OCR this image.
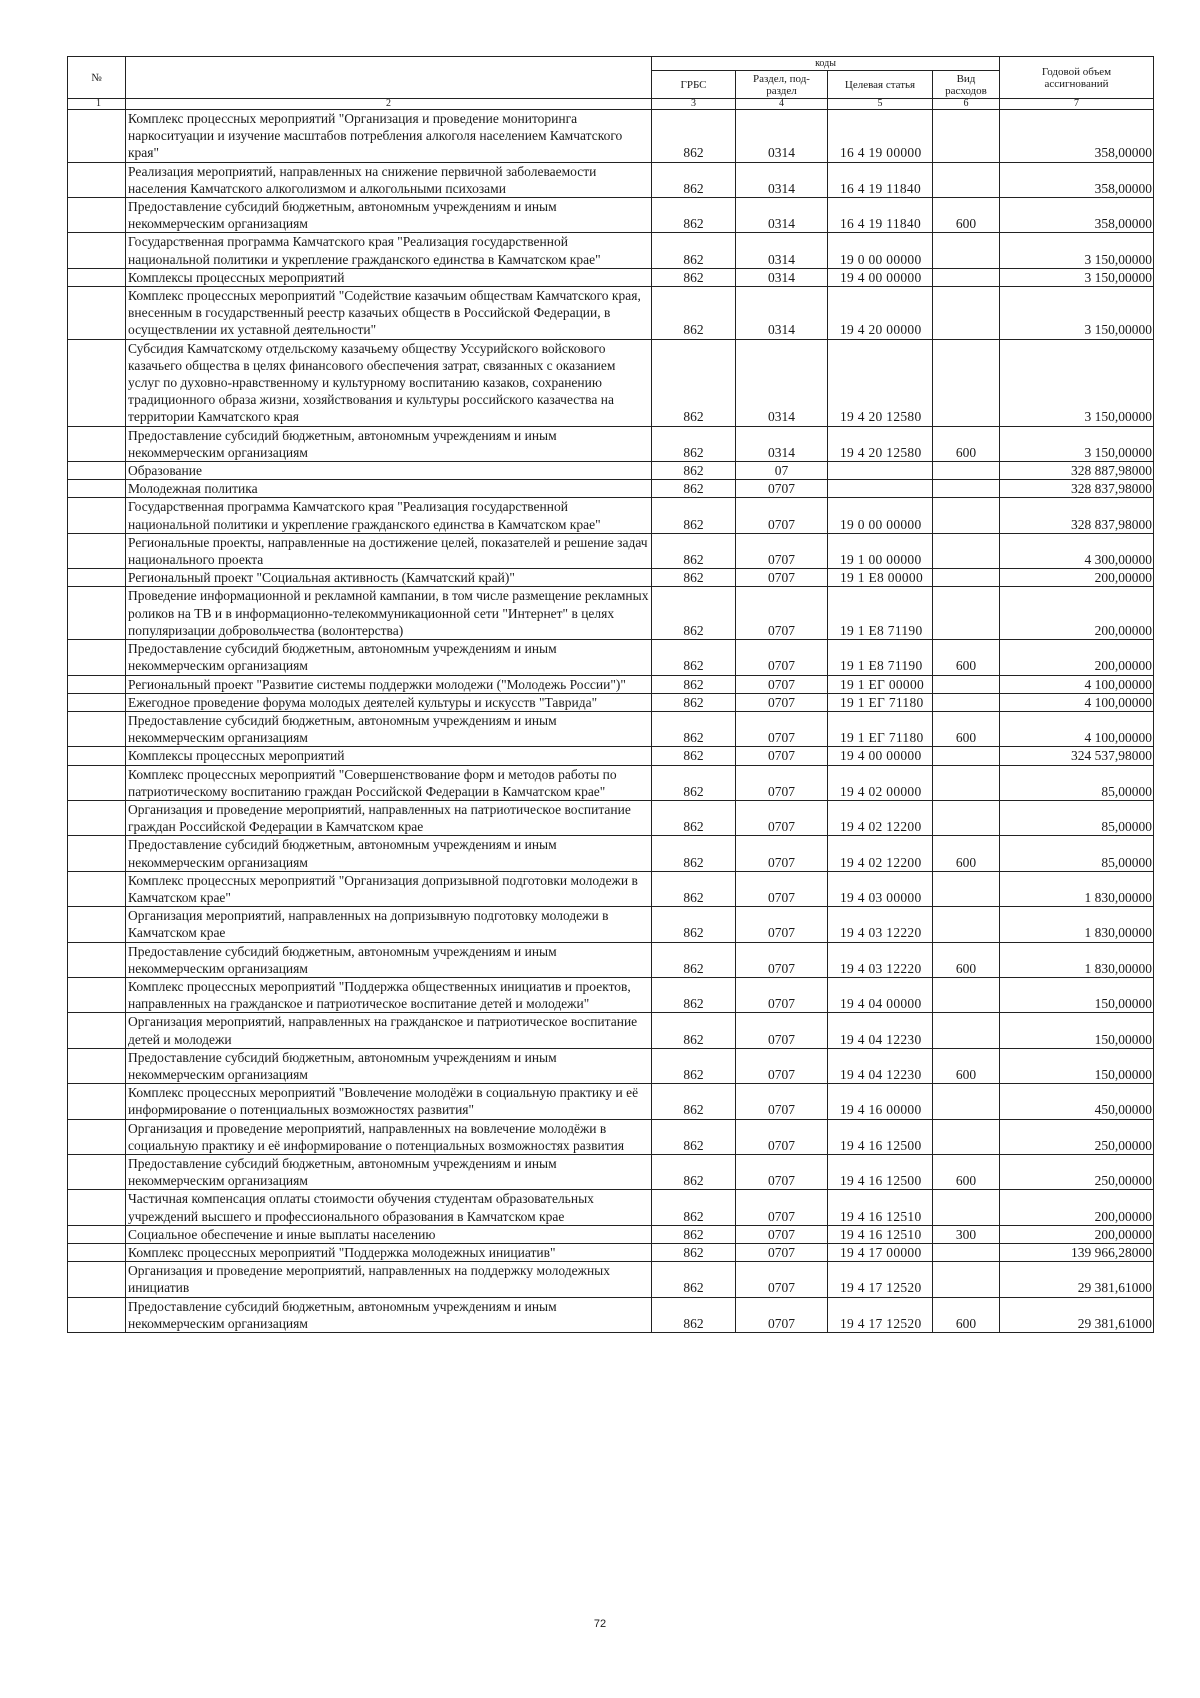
№		коды				Годовой объем
ассигнований
		ГРБС	Раздел, под-
раздел	Целевая статья	Вид
расходов	
1	2	3	4	5	6	7
	Комплекс процессных мероприятий "Организация и проведение мониторинга наркоситуации и изучение масштабов потребления алкоголя населением Камчатского края"	862	0314	16 4 19 00000		358,00000
	Реализация мероприятий, направленных на снижение первичной заболеваемости населения Камчатского алкоголизмом и алкогольными психозами	862	0314	16 4 19 11840		358,00000
	Предоставление субсидий бюджетным, автономным учреждениям и иным некоммерческим организациям	862	0314	16 4 19 11840	600	358,00000
	Государственная программа Камчатского края "Реализация государственной национальной политики и укрепление гражданского единства в Камчатском крае"	862	0314	19 0 00 00000		3 150,00000
	Комплексы процессных мероприятий	862	0314	19 4 00 00000		3 150,00000
	Комплекс процессных мероприятий "Содействие казачьим обществам Камчатского края, внесенным в государственный реестр казачьих обществ в Российской Федерации, в осуществлении их уставной деятельности"	862	0314	19 4 20 00000		3 150,00000
	Субсидия Камчатскому отдельскому казачьему обществу Уссурийского войскового казачьего общества в целях финансового обеспечения затрат, связанных с оказанием услуг по духовно-нравственному и культурному воспитанию казаков, сохранению традиционного образа жизни, хозяйствования и культуры российского казачества на территории Камчатского края	862	0314	19 4 20 12580		3 150,00000
	Предоставление субсидий бюджетным, автономным учреждениям и иным некоммерческим организациям	862	0314	19 4 20 12580	600	3 150,00000
	Образование	862	07			328 887,98000
	Молодежная политика	862	0707			328 837,98000
	Государственная программа Камчатского края "Реализация государственной национальной политики и укрепление гражданского единства в Камчатском крае"	862	0707	19 0 00 00000		328 837,98000
	Региональные проекты, направленные на достижение целей, показателей и решение задач национального проекта	862	0707	19 1 00 00000		4 300,00000
	Региональный проект "Социальная активность (Камчатский край)"	862	0707	19 1 E8 00000		200,00000
	Проведение информационной и рекламной кампании, в том числе размещение рекламных роликов на ТВ и в информационно-телекоммуникационной сети "Интернет" в целях популяризации добровольчества (волонтерства)	862	0707	19 1 E8 71190		200,00000
	Предоставление субсидий бюджетным, автономным учреждениям и иным некоммерческим организациям	862	0707	19 1 E8 71190	600	200,00000
	Региональный проект "Развитие системы поддержки молодежи ("Молодежь России")"	862	0707	19 1 ЕГ 00000		4 100,00000
	Ежегодное проведение форума молодых деятелей культуры и искусств "Таврида"	862	0707	19 1 ЕГ 71180		4 100,00000
	Предоставление субсидий бюджетным, автономным учреждениям и иным некоммерческим организациям	862	0707	19 1 ЕГ 71180	600	4 100,00000
	Комплексы процессных мероприятий	862	0707	19 4 00 00000		324 537,98000
	Комплекс процессных мероприятий "Совершенствование форм и методов работы по патриотическому воспитанию граждан Российской Федерации в Камчатском крае"	862	0707	19 4 02 00000		85,00000
	Организация и проведение мероприятий, направленных на патриотическое воспитание граждан Российской Федерации в Камчатском крае	862	0707	19 4 02 12200		85,00000
	Предоставление субсидий бюджетным, автономным учреждениям и иным некоммерческим организациям	862	0707	19 4 02 12200	600	85,00000
	Комплекс процессных мероприятий "Организация допризывной подготовки молодежи в Камчатском крае"	862	0707	19 4 03 00000		1 830,00000
	Организация мероприятий, направленных на допризывную подготовку молодежи в Камчатском крае	862	0707	19 4 03 12220		1 830,00000
	Предоставление субсидий бюджетным, автономным учреждениям и иным некоммерческим организациям	862	0707	19 4 03 12220	600	1 830,00000
	Комплекс процессных мероприятий "Поддержка общественных инициатив и проектов, направленных на гражданское и патриотическое воспитание детей и молодежи"	862	0707	19 4 04 00000		150,00000
	Организация мероприятий, направленных на гражданское и патриотическое воспитание детей и молодежи	862	0707	19 4 04 12230		150,00000
	Предоставление субсидий бюджетным, автономным учреждениям и иным некоммерческим организациям	862	0707	19 4 04 12230	600	150,00000
	Комплекс процессных мероприятий "Вовлечение молодёжи в социальную практику и её информирование о потенциальных возможностях развития"	862	0707	19 4 16 00000		450,00000
	Организация и проведение мероприятий, направленных на вовлечение молодёжи в социальную практику и её информирование о потенциальных возможностях развития	862	0707	19 4 16 12500		250,00000
	Предоставление субсидий бюджетным, автономным учреждениям и иным некоммерческим организациям	862	0707	19 4 16 12500	600	250,00000
	Частичная компенсация оплаты стоимости обучения студентам образовательных учреждений высшего и профессионального образования в Камчатском крае	862	0707	19 4 16 12510		200,00000
	Социальное обеспечение и иные выплаты населению	862	0707	19 4 16 12510	300	200,00000
	Комплекс процессных мероприятий "Поддержка молодежных инициатив"	862	0707	19 4 17 00000		139 966,28000
	Организация и проведение мероприятий, направленных на поддержку молодежных инициатив	862	0707	19 4 17 12520		29 381,61000
	Предоставление субсидий бюджетным, автономным учреждениям и иным некоммерческим организациям	862	0707	19 4 17 12520	600	29 381,61000
72
